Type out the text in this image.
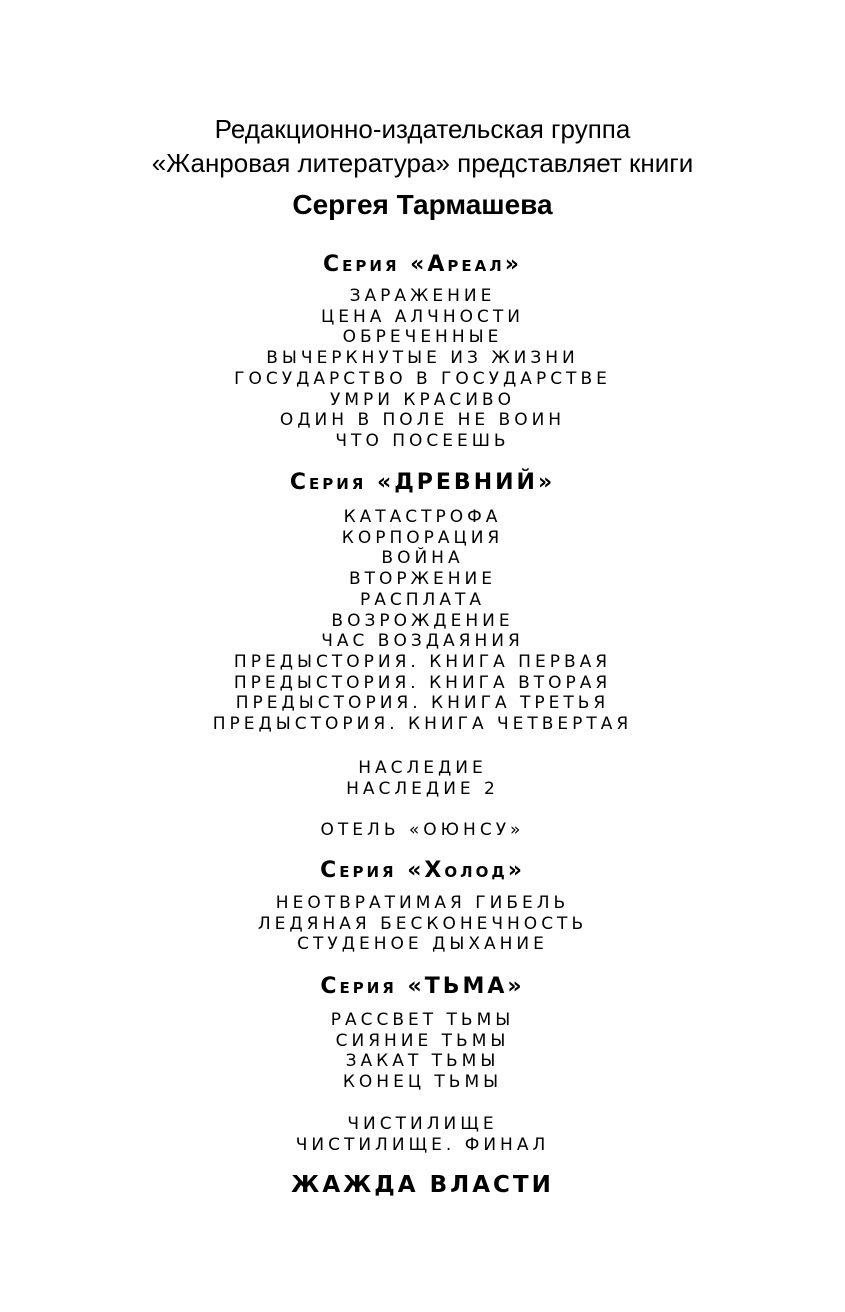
Редакционно-издательская группа
«Жанровая литература» представляет книги
Сергея Тармашева
Серия «Ареал»
ЗАРАЖЕНИЕ
ЦЕНА АЛЧНОСТИ
ОБРЕЧЕННЫЕ
ВЫЧЕРКНУТЫЕ ИЗ ЖИЗНИ
ГОСУДАРСТВО В ГОСУДАРСТВЕ
УМРИ КРАСИВО
ОДИН В ПОЛЕ НЕ ВОИН
ЧТО ПОСЕЕШЬ
Серия «ДРЕВНИЙ»
КАТАСТРОФА
КОРПОРАЦИЯ
ВОЙНА
ВТОРЖЕНИЕ
РАСПЛАТА
ВОЗРОЖДЕНИЕ
ЧАС ВОЗДАЯНИЯ
ПРЕДЫСТОРИЯ. КНИГА ПЕРВАЯ
ПРЕДЫСТОРИЯ. КНИГА ВТОРАЯ
ПРЕДЫСТОРИЯ. КНИГА ТРЕТЬЯ
ПРЕДЫСТОРИЯ. КНИГА ЧЕТВЕРТАЯ
НАСЛЕДИЕ
НАСЛЕДИЕ 2
ОТЕЛЬ «ОЮНСУ»
Серия «Холод»
НЕОТВРАТИМАЯ ГИБЕЛЬ
ЛЕДЯНАЯ БЕСКОНЕЧНОСТЬ
СТУДЕНОЕ ДЫХАНИЕ
Серия «ТЬМА»
РАССВЕТ ТЬМЫ
СИЯНИЕ ТЬМЫ
ЗАКАТ ТЬМЫ
КОНЕЦ ТЬМЫ
ЧИСТИЛИЩЕ
ЧИСТИЛИЩЕ. ФИНАЛ
ЖАЖДА ВЛАСТИ
